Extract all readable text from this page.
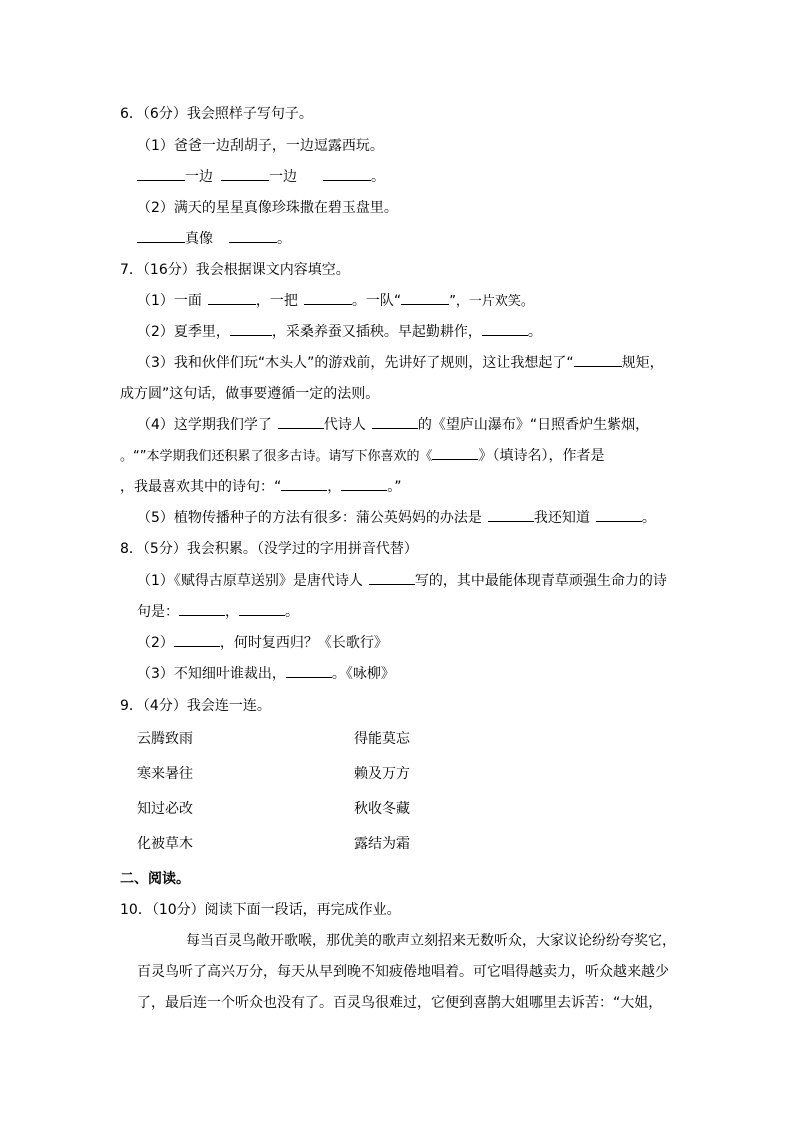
6．（6分）我会照样子写句子。
（1）爸爸一边刮胡子，一边逗露西玩。
一边	一边	。
（2）满天的星星真像珍珠撒在碧玉盘里。
真像	。
7．（16分）我会根据课文内容填空。
（1）一面	，一把	。一队“	”，一片欢笑。
（2）夏季里，	，采桑养蚕又插秧。早起勤耕作，	。
（3）我和伙伴们玩“木头人”的游戏前，先讲好了规则，这让我想起了“	规矩，
成方圆”这句话，做事要遵循一定的法则。
（4）这学期我们学了	代诗人	的《望庐山瀑布》“日照香炉生紫烟，
。“”本学期我们还积累了很多古诗。请写下你喜欢的《	》（填诗名），作者是
，我最喜欢其中的诗句：“	，	。”
（5）植物传播种子的方法有很多：蒲公英妈妈的办法是	我还知道	。
8．（5分）我会积累。（没学过的字用拼音代替）
（1）《赋得古原草送别》是唐代诗人	写的，其中最能体现青草顽强生命力的诗
句是：	，	。
（2）	，何时复西归？《长歌行》
（3）不知细叶谁裁出，	。《咏柳》
9．（4分）我会连一连。
云腾致雨	得能莫忘
寒来暑往	赖及万方
知过必改	秋收冬藏
化被草木	露结为霜
二、阅读。
10．（10分）阅读下面一段话，再完成作业。
每当百灵鸟敞开歌喉，那优美的歌声立刻招来无数听众，大家议论纷纷夸奖它，
百灵鸟听了高兴万分，每天从早到晚不知疲倦地唱着。可它唱得越卖力，听众越来越少
了，最后连一个听众也没有了。百灵鸟很难过，它便到喜鹊大姐哪里去诉苦：“大姐，
